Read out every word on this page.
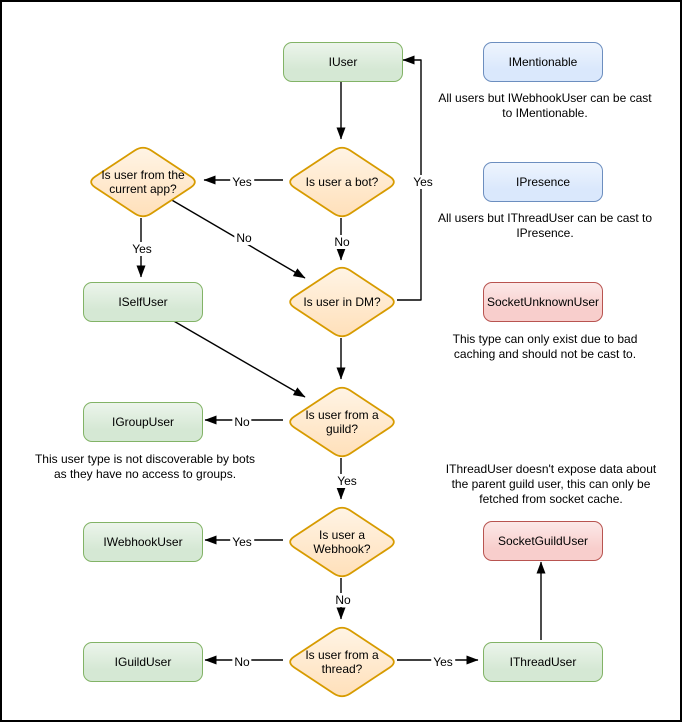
IUser	IMentionable
IPresence
SocketUnknownUser
ISelfUser
IGroupUser
IWebhookUser	SocketGuildUser
IGuildUser	IThreadUser
Is user from the current app?	Is user a bot?
Is user in DM?
Is user from a guild?
Is user a Webhook?
Is user from a thread?
Yes
No
Yes
No
Yes
No
Yes
Yes
No
No	Yes
All users but IWebhookUser can be cast to IMentionable.
All users but IThreadUser can be cast to IPresence.
This type can only exist due to bad caching and should not be cast to.
This user type is not discoverable by bots as they have no access to groups.	IThreadUser doesn't expose data about the parent guild user, this can only be fetched from socket cache.
